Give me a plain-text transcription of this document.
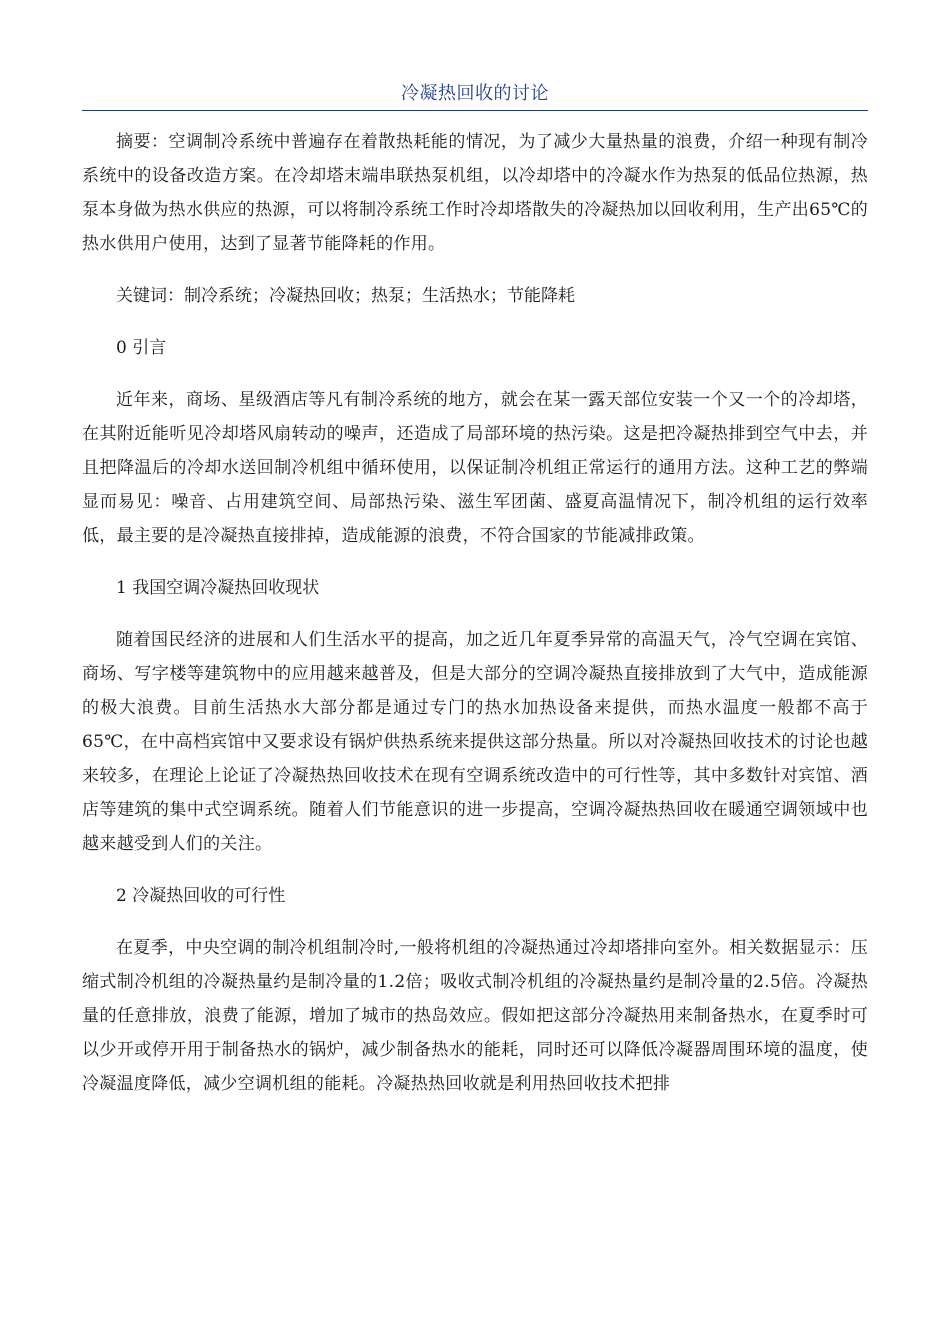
冷凝热回收的讨论

摘要：空调制冷系统中普遍存在着散热耗能的情况，为了减少大量热量的浪费，介绍一种现有制冷系统中的设备改造方案。在冷却塔末端串联热泵机组，以冷却塔中的冷凝水作为热泵的低品位热源，热泵本身做为热水供应的热源，可以将制冷系统工作时冷却塔散失的冷凝热加以回收利用，生产出65℃的热水供用户使用，达到了显著节能降耗的作用。

关键词：制冷系统；冷凝热回收；热泵；生活热水；节能降耗

0 引言

近年来，商场、星级酒店等凡有制冷系统的地方，就会在某一露天部位安装一个又一个的冷却塔，在其附近能听见冷却塔风扇转动的噪声，还造成了局部环境的热污染。这是把冷凝热排到空气中去，并且把降温后的冷却水送回制冷机组中循环使用，以保证制冷机组正常运行的通用方法。这种工艺的弊端显而易见：噪音、占用建筑空间、局部热污染、滋生军团菌、盛夏高温情况下，制冷机组的运行效率低，最主要的是冷凝热直接排掉，造成能源的浪费，不符合国家的节能减排政策。

1 我国空调冷凝热回收现状

随着国民经济的进展和人们生活水平的提高，加之近几年夏季异常的高温天气，冷气空调在宾馆、商场、写字楼等建筑物中的应用越来越普及，但是大部分的空调冷凝热直接排放到了大气中，造成能源的极大浪费。目前生活热水大部分都是通过专门的热水加热设备来提供，而热水温度一般都不高于65℃，在中高档宾馆中又要求设有锅炉供热系统来提供这部分热量。所以对冷凝热回收技术的讨论也越来较多，在理论上论证了冷凝热热回收技术在现有空调系统改造中的可行性等，其中多数针对宾馆、酒店等建筑的集中式空调系统。随着人们节能意识的进一步提高，空调冷凝热热回收在暖通空调领域中也越来越受到人们的关注。

2 冷凝热回收的可行性

在夏季，中央空调的制冷机组制冷时,一般将机组的冷凝热通过冷却塔排向室外。相关数据显示：压缩式制冷机组的冷凝热量约是制冷量的1.2倍；吸收式制冷机组的冷凝热量约是制冷量的2.5倍。冷凝热量的任意排放，浪费了能源，增加了城市的热岛效应。假如把这部分冷凝热用来制备热水，在夏季时可以少开或停开用于制备热水的锅炉，减少制备热水的能耗，同时还可以降低冷凝器周围环境的温度，使冷凝温度降低，减少空调机组的能耗。冷凝热热回收就是利用热回收技术把排
